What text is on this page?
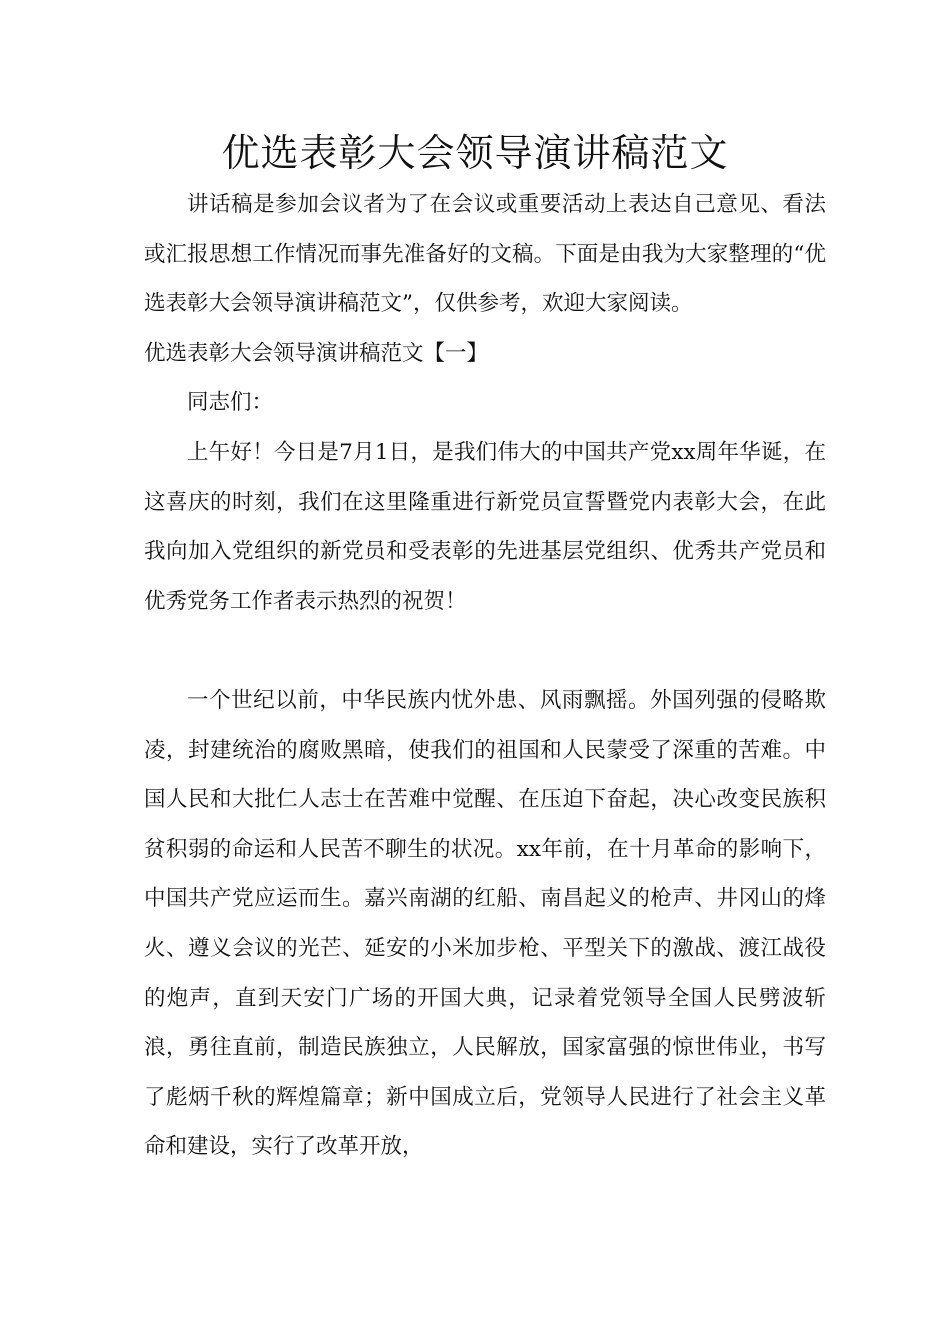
优选表彰大会领导演讲稿范文

讲话稿是参加会议者为了在会议或重要活动上表达自己意见、看法或汇报思想工作情况而事先准备好的文稿。下面是由我为大家整理的“优选表彰大会领导演讲稿范文”，仅供参考，欢迎大家阅读。

优选表彰大会领导演讲稿范文【一】

同志们：

上午好！今日是7月1日，是我们伟大的中国共产党xx周年华诞，在这喜庆的时刻，我们在这里隆重进行新党员宣誓暨党内表彰大会，在此我向加入党组织的新党员和受表彰的先进基层党组织、优秀共产党员和优秀党务工作者表示热烈的祝贺！

一个世纪以前，中华民族内忧外患、风雨飘摇。外国列强的侵略欺凌，封建统治的腐败黑暗，使我们的祖国和人民蒙受了深重的苦难。中国人民和大批仁人志士在苦难中觉醒、在压迫下奋起，决心改变民族积贫积弱的命运和人民苦不聊生的状况。xx年前，在十月革命的影响下，中国共产党应运而生。嘉兴南湖的红船、南昌起义的枪声、井冈山的烽火、遵义会议的光芒、延安的小米加步枪、平型关下的激战、渡江战役的炮声，直到天安门广场的开国大典，记录着党领导全国人民劈波斩浪，勇往直前，制造民族独立，人民解放，国家富强的惊世伟业，书写了彪炳千秋的辉煌篇章；新中国成立后，党领导人民进行了社会主义革命和建设，实行了改革开放，
